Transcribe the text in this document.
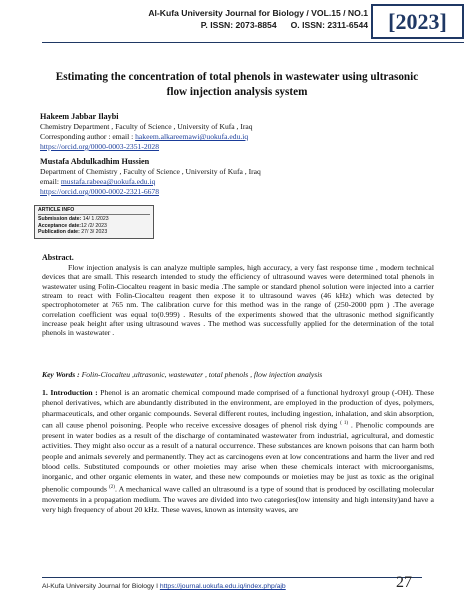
Al-Kufa University Journal for Biology / VOL.15 / NO.1
P. ISSN: 2073-8854 O. ISSN: 2311-6544 [2023]
Estimating the concentration of total phenols in wastewater using ultrasonic
flow injection analysis system
Hakeem Jabbar Ilaybi
Chemistry Department , Faculty of Science , University of Kufa , Iraq
Corresponding author : email : hakeem.alkareemawi@uokufa.edu.iq
https://orcid.org/0000-0003-2351-2028
Mustafa Abdulkadhim Hussien
Department of Chemistry , Faculty of Science , University of Kufa , Iraq
email: mustafa.rabeea@uokufa.edu.iq
https://orcid.org/0000-0002-2321-6678
ARTICLE INFO
Submission date: 14/ 1 /2023
Acceptance date:12 /2/ 2023
Publication date: 27/ 3/ 2023
Abstract.
Flow injection analysis is can analyze multiple samples, high accuracy, a very fast response time , modern technical devices that are small. This research intended to study the efficiency of ultrasound waves were determined total phenols in wastewater using Folin-Ciocalteu reagent in basic media .The sample or standard phenol solution were injected into a carrier stream to react with Folin-Ciocalteu reagent then expose it to ultrasound waves (46 kHz) which was detected by spectrophotometer at 765 nm. The calibration curve for this method was in the range of (250-2000 ppm ) .The average correlation coefficient was equal to(0.999) . Results of the experiments showed that the ultrasonic method significantly increase peak height after using ultrasound waves . The method was successfully applied for the determination of the total phenols in wastewater .
Key Words : Folin-Ciocalteu ,ultrasonic, wastewater , total phenols , flow injection analysis
1. Introduction : Phenol is an aromatic chemical compound made comprised of a functional hydroxyl group (-OH). These phenol derivatives, which are abundantly distributed in the environment, are employed in the production of dyes, polymers, pharmaceuticals, and other organic compounds. Several different routes, including ingestion, inhalation, and skin absorption, can all cause phenol poisoning. People who receive excessive dosages of phenol risk dying $^{( 1)}$ . Phenolic compounds are present in water bodies as a result of the discharge of contaminated wastewater from industrial, agricultural, and domestic activities. They might also occur as a result of a natural occurrence. These substances are known poisons that can harm both people and animals severely and permanently. They act as carcinogens even at low concentrations and harm the liver and red blood cells. Substituted compounds or other moieties may arise when these chemicals interact with microorganisms, inorganic, and other organic elements in water, and these new compounds or moieties may be just as toxic as the original phenolic compounds $^{(2)}$. A mechanical wave called an ultrasound is a type of sound that is produced by oscillating molecular movements in a propagation medium. The waves are divided into two categories(low intensity and high intensity)and have a very high frequency of about 20 kHz. These waves, known as intensity waves, are
Al-Kufa University Journal for Biology I https://journal.uokufa.edu.iq/index.php/ajb	27
